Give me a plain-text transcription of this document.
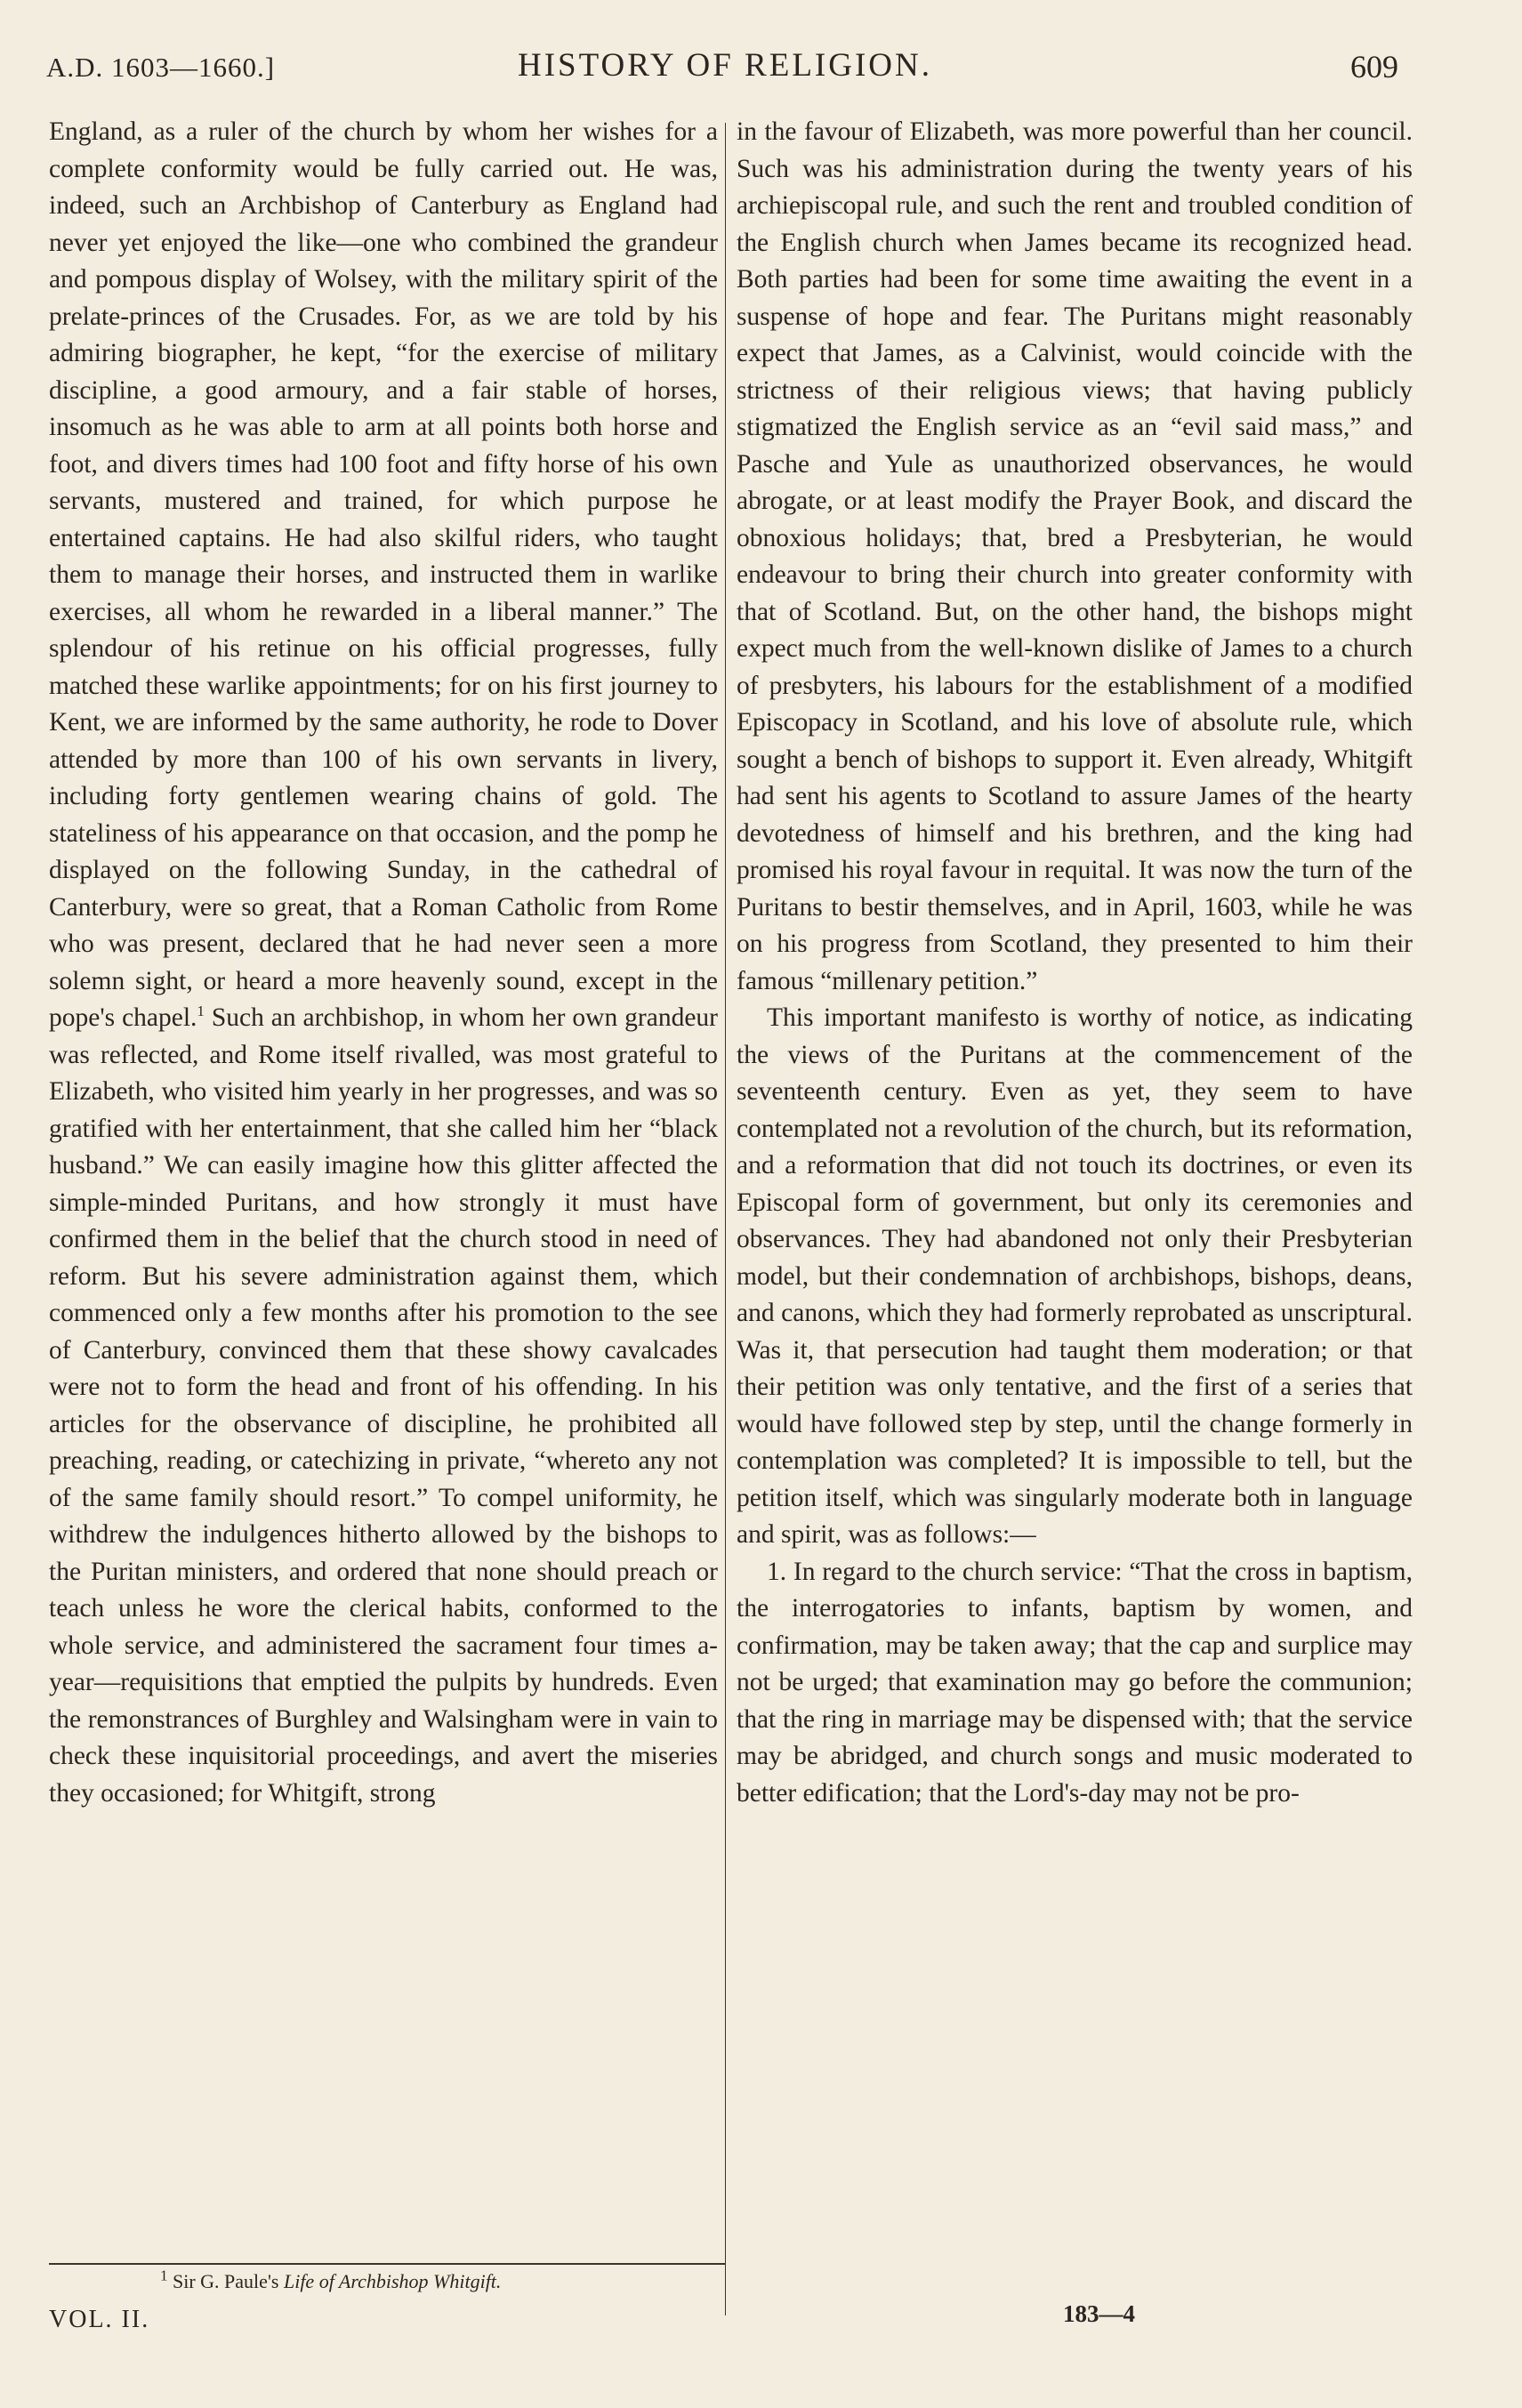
A.D. 1603—1660.]	HISTORY OF RELIGION.	609

England, as a ruler of the church by whom her wishes for a complete conformity would be fully carried out. He was, indeed, such an Archbishop of Canterbury as England had never yet enjoyed the like—one who combined the grandeur and pompous display of Wolsey, with the military spirit of the prelate-princes of the Crusades. For, as we are told by his admiring biographer, he kept, “for the exercise of military discipline, a good armoury, and a fair stable of horses, insomuch as he was able to arm at all points both horse and foot, and divers times had 100 foot and fifty horse of his own servants, mustered and trained, for which purpose he entertained captains. He had also skilful riders, who taught them to manage their horses, and instructed them in warlike exercises, all whom he rewarded in a liberal manner.” The splendour of his retinue on his official progresses, fully matched these warlike appointments; for on his first journey to Kent, we are informed by the same authority, he rode to Dover attended by more than 100 of his own servants in livery, including forty gentlemen wearing chains of gold. The stateliness of his appearance on that occasion, and the pomp he displayed on the following Sunday, in the cathedral of Canterbury, were so great, that a Roman Catholic from Rome who was present, declared that he had never seen a more solemn sight, or heard a more heavenly sound, except in the pope's chapel.$^1$ Such an archbishop, in whom her own grandeur was reflected, and Rome itself rivalled, was most grateful to Elizabeth, who visited him yearly in her progresses, and was so gratified with her entertainment, that she called him her “black husband.” We can easily imagine how this glitter affected the simple-minded Puritans, and how strongly it must have confirmed them in the belief that the church stood in need of reform. But his severe administration against them, which commenced only a few months after his promotion to the see of Canterbury, convinced them that these showy cavalcades were not to form the head and front of his offending. In his articles for the observance of discipline, he prohibited all preaching, reading, or catechizing in private, “whereto any not of the same family should resort.” To compel uniformity, he withdrew the indulgences hitherto allowed by the bishops to the Puritan ministers, and ordered that none should preach or teach unless he wore the clerical habits, conformed to the whole service, and administered the sacrament four times a-year—requisitions that emptied the pulpits by hundreds. Even the remonstrances of Burghley and Walsingham were in vain to check these inquisitorial proceedings, and avert the miseries they occasioned; for Whitgift, strong

in the favour of Elizabeth, was more powerful than her council. Such was his administration during the twenty years of his archiepiscopal rule, and such the rent and troubled condition of the English church when James became its recognized head. Both parties had been for some time awaiting the event in a suspense of hope and fear. The Puritans might reasonably expect that James, as a Calvinist, would coincide with the strictness of their religious views; that having publicly stigmatized the English service as an “evil said mass,” and Pasche and Yule as unauthorized observances, he would abrogate, or at least modify the Prayer Book, and discard the obnoxious holidays; that, bred a Presbyterian, he would endeavour to bring their church into greater conformity with that of Scotland. But, on the other hand, the bishops might expect much from the well-known dislike of James to a church of presbyters, his labours for the establishment of a modified Episcopacy in Scotland, and his love of absolute rule, which sought a bench of bishops to support it. Even already, Whitgift had sent his agents to Scotland to assure James of the hearty devotedness of himself and his brethren, and the king had promised his royal favour in requital. It was now the turn of the Puritans to bestir themselves, and in April, 1603, while he was on his progress from Scotland, they presented to him their famous “millenary petition.”

This important manifesto is worthy of notice, as indicating the views of the Puritans at the commencement of the seventeenth century. Even as yet, they seem to have contemplated not a revolution of the church, but its reformation, and a reformation that did not touch its doctrines, or even its Episcopal form of government, but only its ceremonies and observances. They had abandoned not only their Presbyterian model, but their condemnation of archbishops, bishops, deans, and canons, which they had formerly reprobated as unscriptural. Was it, that persecution had taught them moderation; or that their petition was only tentative, and the first of a series that would have followed step by step, until the change formerly in contemplation was completed? It is impossible to tell, but the petition itself, which was singularly moderate both in language and spirit, was as follows:—

1. In regard to the church service: “That the cross in baptism, the interrogatories to infants, baptism by women, and confirmation, may be taken away; that the cap and surplice may not be urged; that examination may go before the communion; that the ring in marriage may be dispensed with; that the service may be abridged, and church songs and music moderated to better edification; that the Lord's-day may not be pro-

$^1$ Sir G. Paule's Life of Archbishop Whitgift.
VOL. II.	183—4
